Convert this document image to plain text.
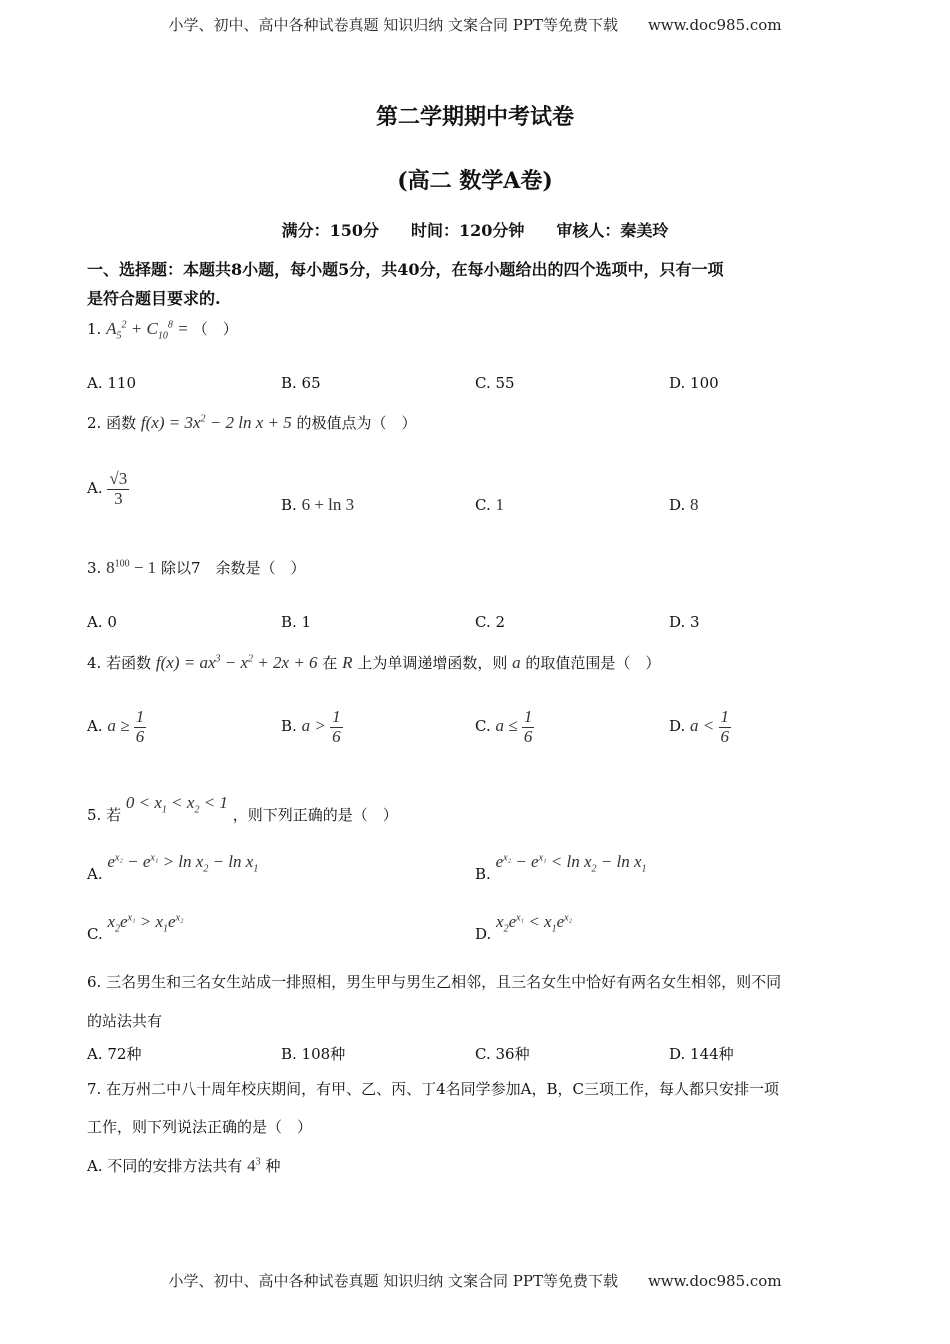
小学、初中、高中各种试卷真题 知识归纳 文案合同 PPT等免费下载　　www.doc985.com
第二学期期中考试卷
(高二 数学A卷)
满分：150分　　时间：120分钟　　审核人：秦美玲
一、选择题：本题共8小题，每小题5分，共40分，在每小题给出的四个选项中，只有一项
是符合题目要求的.
1. $A_5^2 + C_{10}^8$ = （　）
A. 110	B. 65	C. 55	D. 100
2. 函数 $f(x) = 3x^2 - 2$ ln x + 5 的极值点为（　）
A. $\frac{√3}{3}$	B. 6 + ln 3	C. 1	D. 8
3. $8^{100} - 1$ 除以7　余数是（　）
A. 0	B. 1	C. 2	D. 3
4. 若函数 $f(x) = ax^3 - x^2 + 2x + 6$ 在 R 上为单调递增函数，则 a 的取值范围是（　）
A. $a \ge \frac{1}{6}$	B. $a > \frac{1}{6}$	C. $a \le \frac{1}{6}$	D. $a < \frac{1}{6}$
5. 若 $0 < x_1 < x_2 < 1$ ，则下列正确的是（　）
A. $e^{x_2} - e^{x_1} > \ln x_2 - \ln x_1$	B. $e^{x_2} - e^{x_1} < \ln x_2 - \ln x_1$
C. $x_2e^{x_1} > x_1e^{x_2}$
D. $x_2e^{x_1} < x_1e^{x_2}$
6. 三名男生和三名女生站成一排照相，男生甲与男生乙相邻，且三名女生中恰好有两名女生相邻，则不同
的站法共有
A. 72种	B. 108种	C. 36种	D. 144种
7. 在万州二中八十周年校庆期间，有甲、乙、丙、丁4名同学参加A，B，C三项工作，每人都只安排一项
工作，则下列说法正确的是（　）
A. 不同的安排方法共有 $4^3$ 种
小学、初中、高中各种试卷真题 知识归纳 文案合同 PPT等免费下载　　www.doc985.com
